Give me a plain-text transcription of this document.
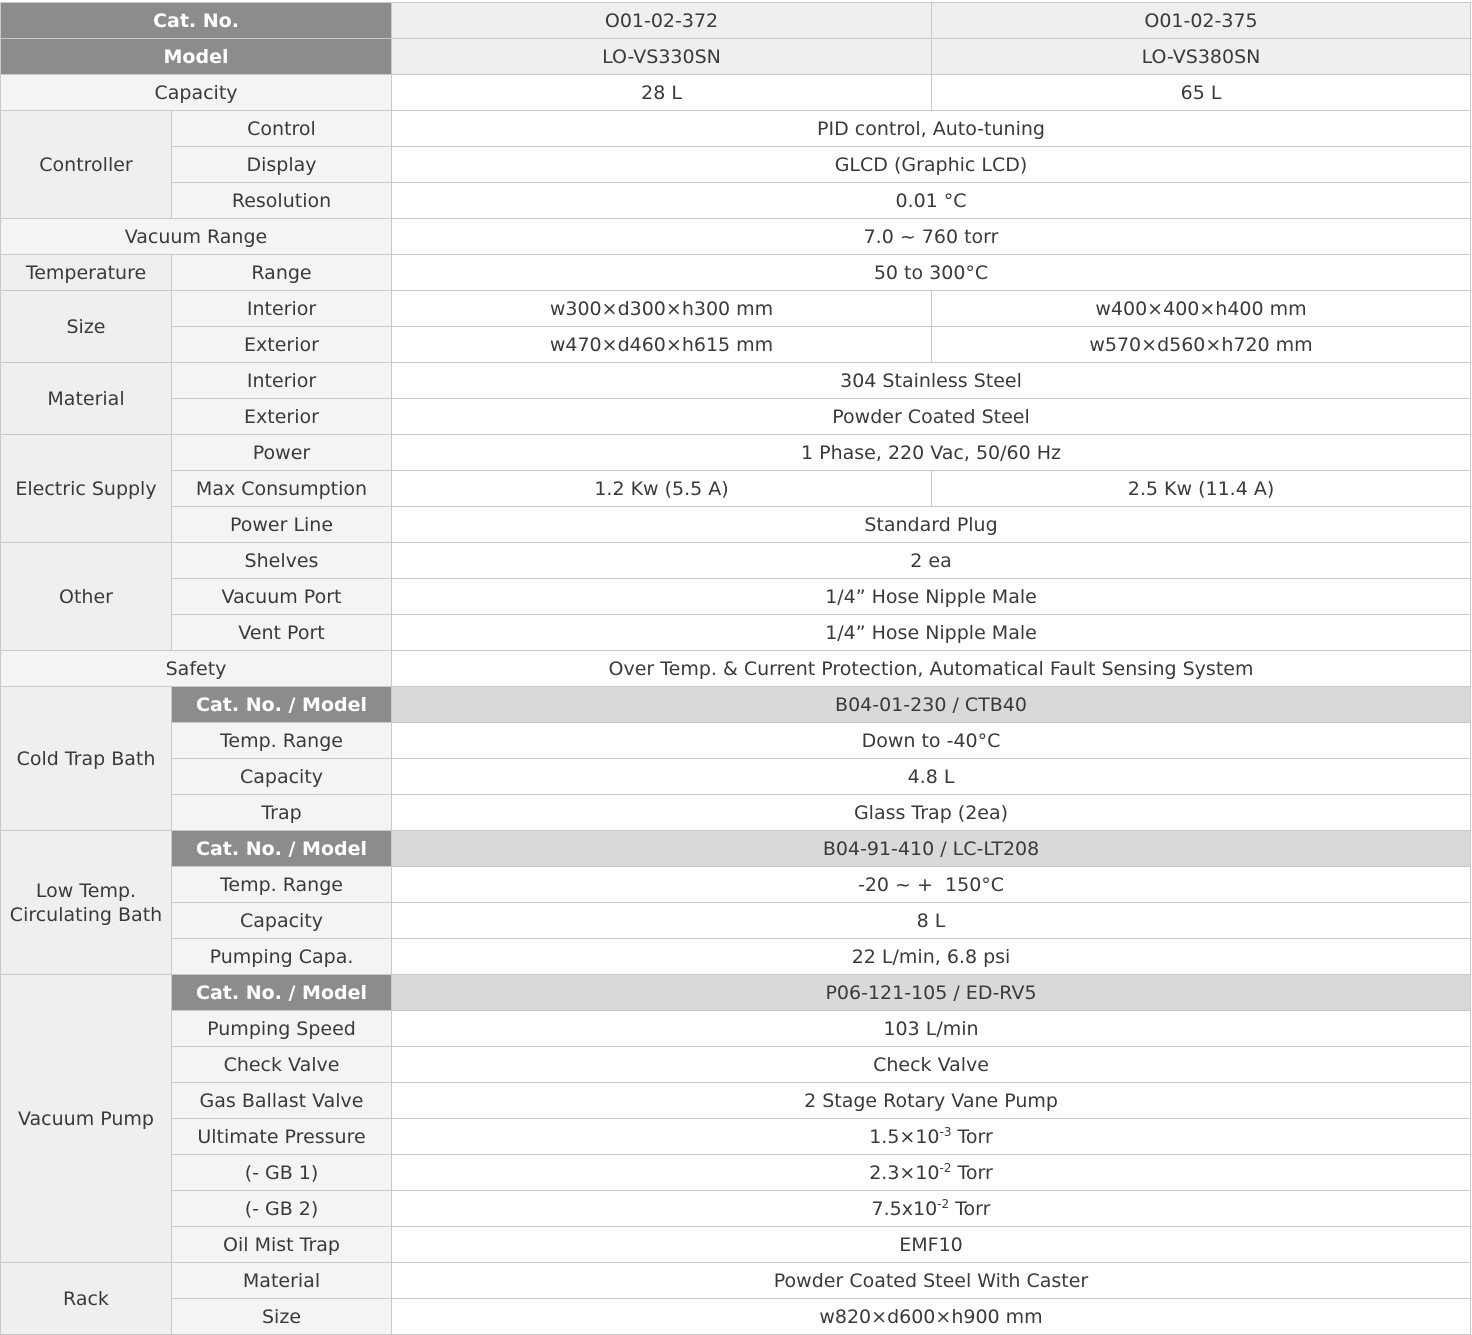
Cat. No.		O01-02-372	O01-02-375
Model		LO-VS330SN	LO-VS380SN
Capacity		28 L	65 L
Controller	Control	PID control, Auto-tuning	
	Display	GLCD (Graphic LCD)	
	Resolution	0.01 °C	
Vacuum Range		7.0 ~ 760 torr	
Temperature	Range	50 to 300°C	
Size	Interior	w300×d300×h300 mm	w400×400×h400 mm
	Exterior	w470×d460×h615 mm	w570×d560×h720 mm
Material	Interior	304 Stainless Steel	
	Exterior	Powder Coated Steel	
Electric Supply	Power	1 Phase, 220 Vac, 50/60 Hz	
	Max Consumption	1.2 Kw (5.5 A)	2.5 Kw (11.4 A)
	Power Line	Standard Plug	
Other	Shelves	2 ea	
	Vacuum Port	1/4” Hose Nipple Male	
	Vent Port	1/4” Hose Nipple Male	
Safety		Over Temp. & Current Protection, Automatical Fault Sensing System	
Cold Trap Bath	Cat. No. / Model	B04-01-230 / CTB40	
	Temp. Range	Down to -40°C	
	Capacity	4.8 L	
	Trap	Glass Trap (2ea)	
Low Temp.
Circulating Bath	Cat. No. / Model	B04-91-410 / LC-LT208	
	Temp. Range	-20 ~ +  150°C	
	Capacity	8 L	
	Pumping Capa.	22 L/min, 6.8 psi	
Vacuum Pump	Cat. No. / Model	P06-121-105 / ED-RV5	
	Pumping Speed	103 L/min	
	Check Valve	Check Valve	
	Gas Ballast Valve	2 Stage Rotary Vane Pump	
	Ultimate Pressure	$1.5\times 10^{-3}$ Torr	
	(- GB 1)	$2.3\times 10^{-2}$ Torr	
	(- GB 2)	$7.5x10^{-2}$ Torr	
	Oil Mist Trap	EMF10	
Rack	Material	Powder Coated Steel With Caster	
	Size	w820×d600×h900 mm	
